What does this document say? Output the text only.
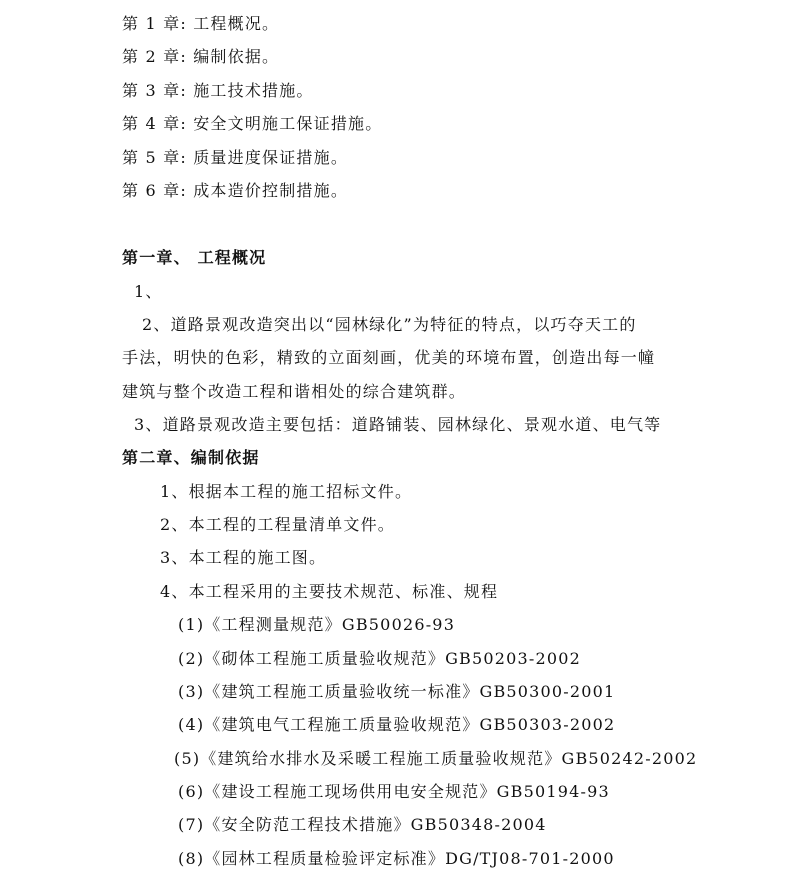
第 1 章: 工程概况。
第 2 章: 编制依据。
第 3 章: 施工技术措施。
第 4 章: 安全文明施工保证措施。
第 5 章: 质量进度保证措施。
第 6 章: 成本造价控制措施。
第一章、 工程概况
1、
2、道路景观改造突出以“园林绿化”为特征的特点，以巧夺天工的
手法，明快的色彩，精致的立面刻画，优美的环境布置，创造出每一幢
建筑与整个改造工程和谐相处的综合建筑群。
3、道路景观改造主要包括：道路铺装、园林绿化、景观水道、电气等
第二章、编制依据
1、根据本工程的施工招标文件。
2、本工程的工程量清单文件。
3、本工程的施工图。
4、本工程采用的主要技术规范、标准、规程
(1)《工程测量规范》GB50026-93
(2)《砌体工程施工质量验收规范》GB50203-2002
(3)《建筑工程施工质量验收统一标准》GB50300-2001
(4)《建筑电气工程施工质量验收规范》GB50303-2002
(5)《建筑给水排水及采暖工程施工质量验收规范》GB50242-2002
(6)《建设工程施工现场供用电安全规范》GB50194-93
(7)《安全防范工程技术措施》GB50348-2004
(8)《园林工程质量检验评定标准》DG/TJ08-701-2000
